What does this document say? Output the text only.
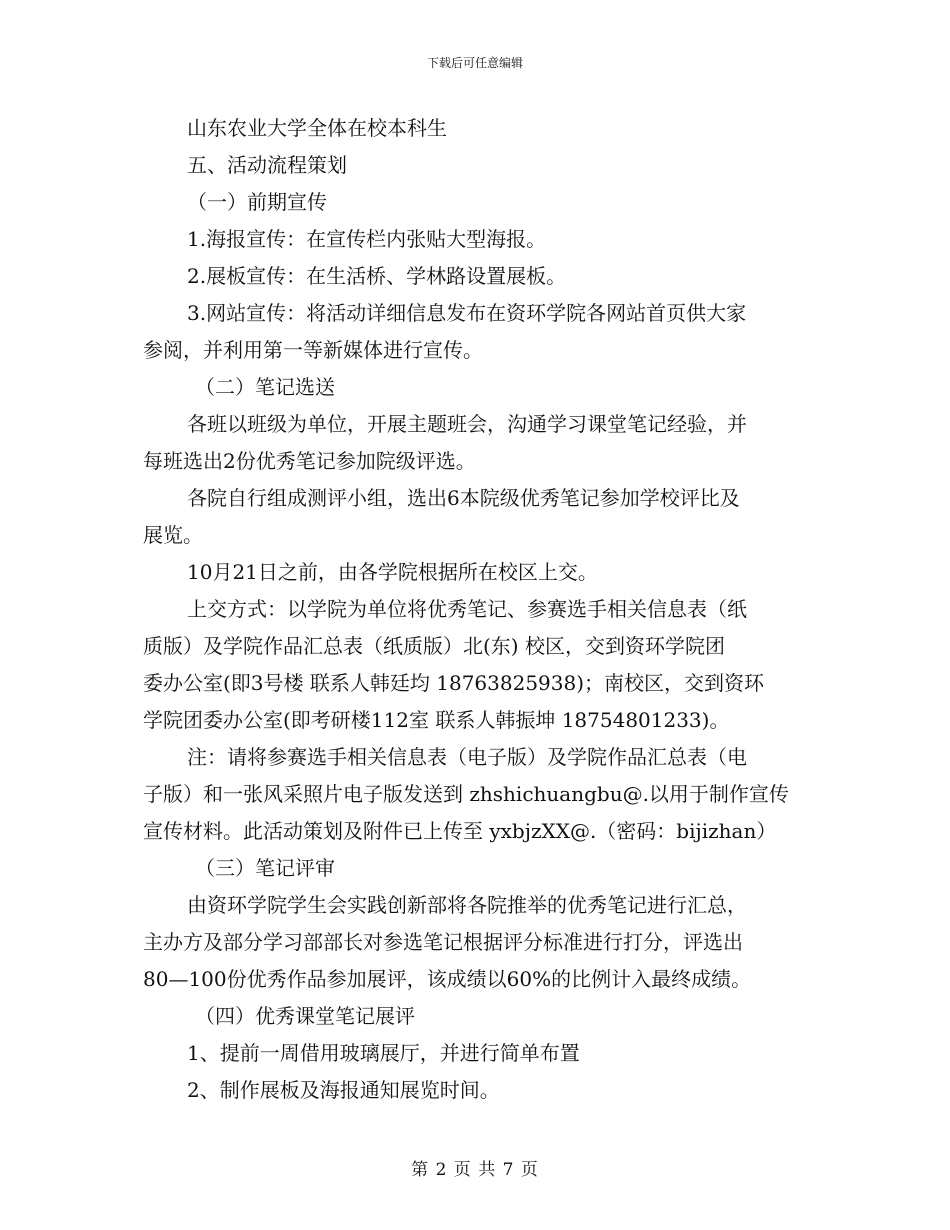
下载后可任意编辑
山东农业大学全体在校本科生
五、活动流程策划
（一）前期宣传
1.海报宣传：在宣传栏内张贴大型海报。
2.展板宣传：在生活桥、学林路设置展板。
3.网站宣传：将活动详细信息发布在资环学院各网站首页供大家
参阅，并利用第一等新媒体进行宣传。
（二）笔记选送
各班以班级为单位，开展主题班会，沟通学习课堂笔记经验，并
每班选出2份优秀笔记参加院级评选。
各院自行组成测评小组，选出6本院级优秀笔记参加学校评比及
展览。
10月21日之前，由各学院根据所在校区上交。
上交方式：以学院为单位将优秀笔记、参赛选手相关信息表（纸
质版）及学院作品汇总表（纸质版）北(东) 校区，交到资环学院团
委办公室(即3号楼 联系人韩廷均 18763825938)；南校区，交到资环
学院团委办公室(即考研楼112室 联系人韩振坤 18754801233)。
注：请将参赛选手相关信息表（电子版）及学院作品汇总表（电
子版）和一张风采照片电子版发送到 zhshichuangbu@.以用于制作宣传
宣传材料。此活动策划及附件已上传至 yxbjzXX@.（密码：bijizhan）
（三）笔记评审
由资环学院学生会实践创新部将各院推举的优秀笔记进行汇总，
主办方及部分学习部部长对参选笔记根据评分标准进行打分，评选出
80—100份优秀作品参加展评，该成绩以60%的比例计入最终成绩。
（四）优秀课堂笔记展评
1、提前一周借用玻璃展厅，并进行简单布置
2、制作展板及海报通知展览时间。
第 2 页 共 7 页
